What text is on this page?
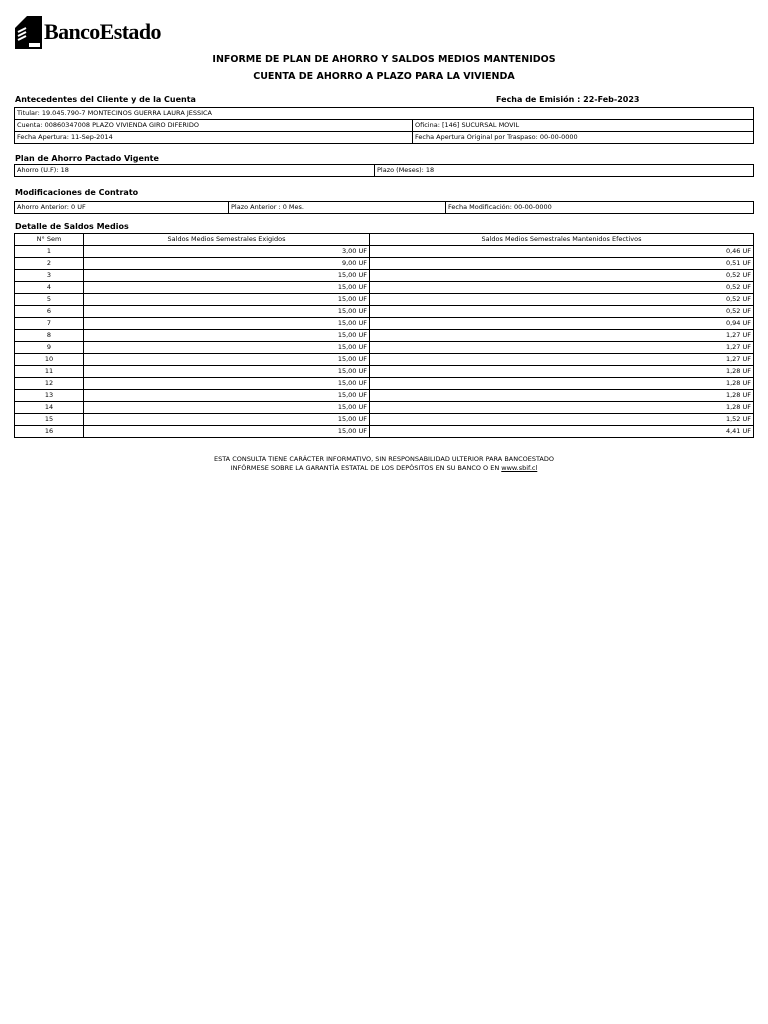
BancoEstado
INFORME DE PLAN DE AHORRO Y SALDOS MEDIOS MANTENIDOS
CUENTA DE AHORRO A PLAZO PARA LA VIVIENDA
Antecedentes del Cliente y de la Cuenta	Fecha de Emisión : 22-Feb-2023
Titular: 19.045.790-7 MONTECINOS GUERRA LAURA JESSICA	
Cuenta: 00860347008 PLAZO VIVIENDA GIRO DIFERIDO	Oficina: [146] SUCURSAL MOVIL
Fecha Apertura: 11-Sep-2014	Fecha Apertura Original por Traspaso: 00-00-0000
Plan de Ahorro Pactado Vigente
Ahorro (U.F): 18	Plazo (Meses): 18
Modificaciones de Contrato
Ahorro Anterior: 0 UF	Plazo Anterior : 0 Mes.	Fecha Modificación: 00-00-0000
Detalle de Saldos Medios
N° Sem	Saldos Medios Semestrales Exigidos	Saldos Medios Semestrales Mantenidos Efectivos
1	3,00 UF	0,46 UF
2	9,00 UF	0,51 UF
3	15,00 UF	0,52 UF
4	15,00 UF	0,52 UF
5	15,00 UF	0,52 UF
6	15,00 UF	0,52 UF
7	15,00 UF	0,94 UF
8	15,00 UF	1,27 UF
9	15,00 UF	1,27 UF
10	15,00 UF	1,27 UF
11	15,00 UF	1,28 UF
12	15,00 UF	1,28 UF
13	15,00 UF	1,28 UF
14	15,00 UF	1,28 UF
15	15,00 UF	1,52 UF
16	15,00 UF	4,41 UF
ESTA CONSULTA TIENE CARÁCTER INFORMATIVO, SIN RESPONSABILIDAD ULTERIOR PARA BANCOESTADO
INFÓRMESE SOBRE LA GARANTÍA ESTATAL DE LOS DEPÓSITOS EN SU BANCO O EN www.sbif.cl
